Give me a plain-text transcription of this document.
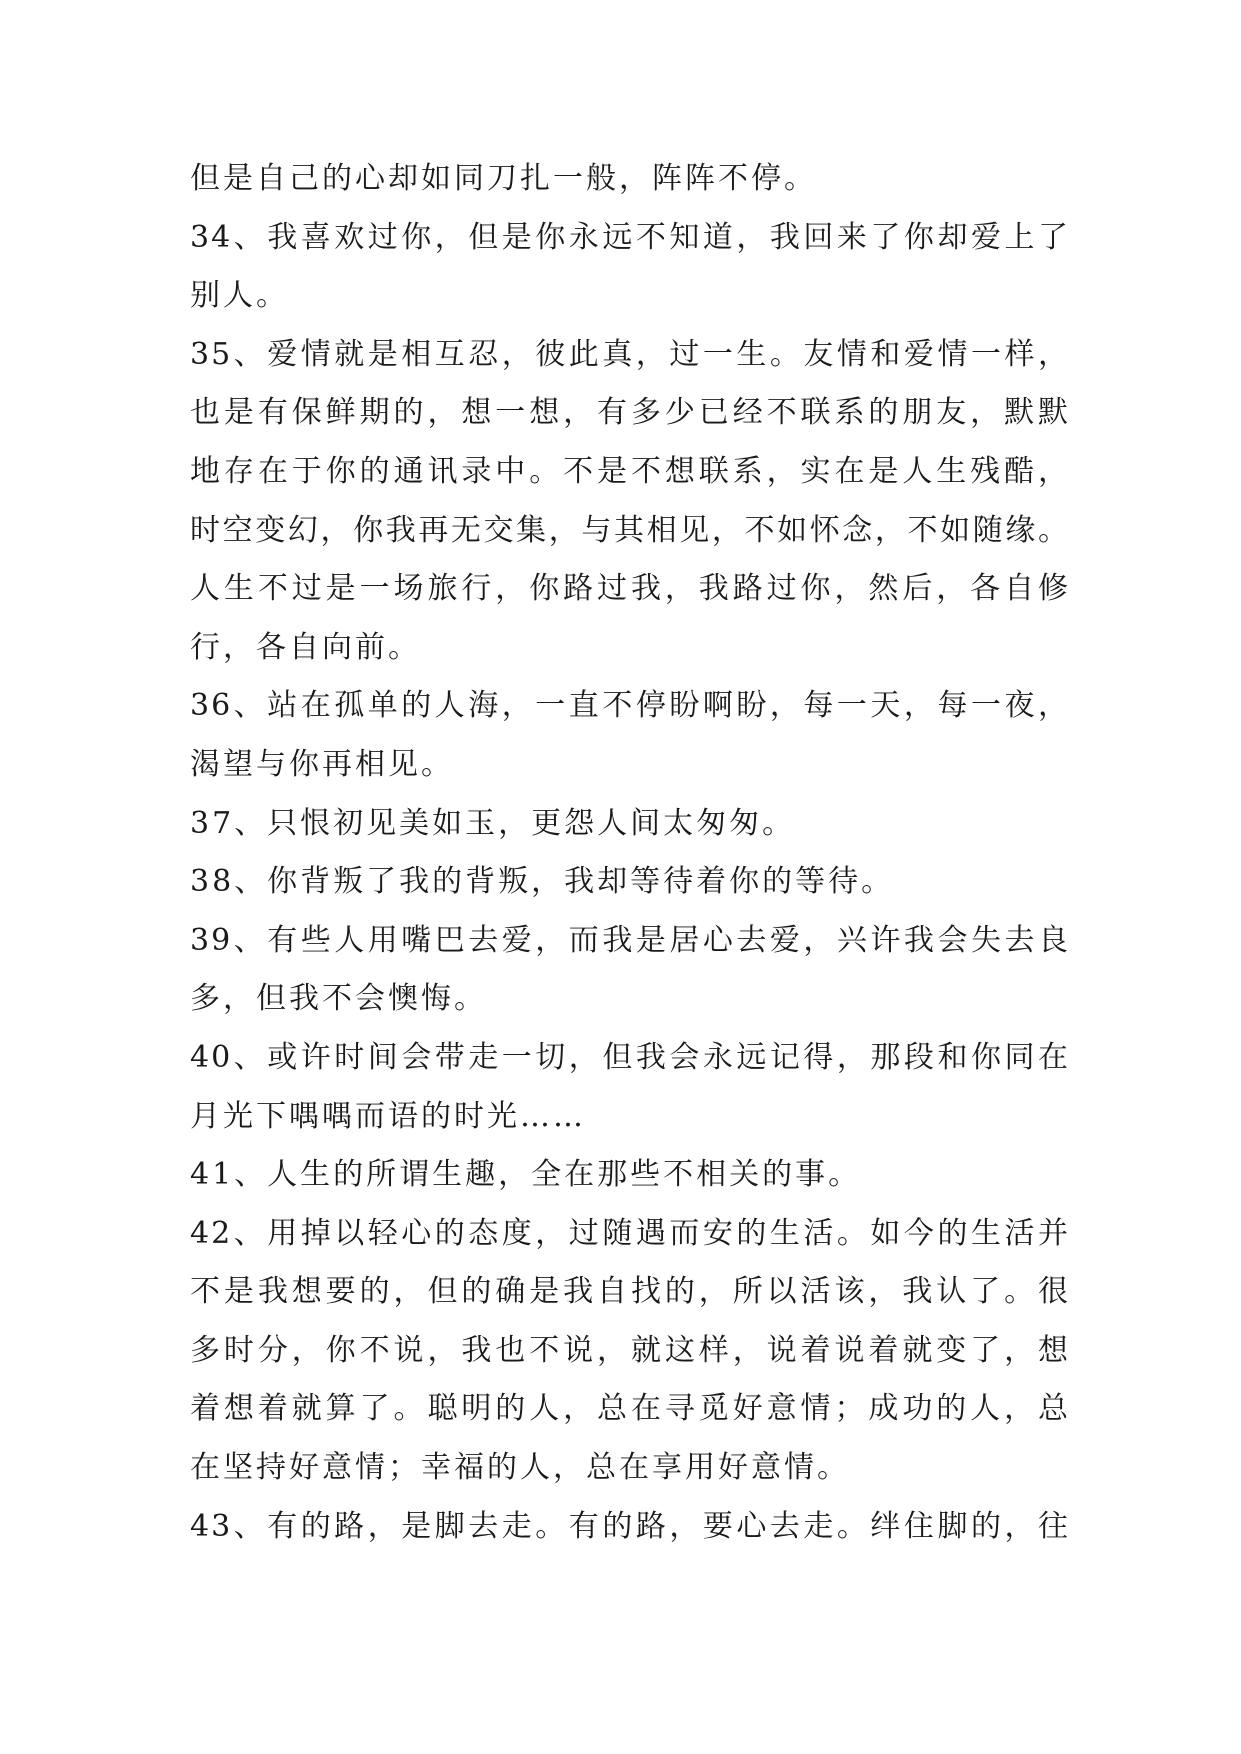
但是自己的心却如同刀扎一般，阵阵不停。
34、我喜欢过你，但是你永远不知道，我回来了你却爱上了
别人。
35、爱情就是相互忍，彼此真，过一生。友情和爱情一样，
也是有保鲜期的，想一想，有多少已经不联系的朋友，默默
地存在于你的通讯录中。不是不想联系，实在是人生残酷，
时空变幻，你我再无交集，与其相见，不如怀念，不如随缘。
人生不过是一场旅行，你路过我，我路过你，然后，各自修
行，各自向前。
36、站在孤单的人海，一直不停盼啊盼，每一天，每一夜，
渴望与你再相见。
37、只恨初见美如玉，更怨人间太匆匆。
38、你背叛了我的背叛，我却等待着你的等待。
39、有些人用嘴巴去爱，而我是居心去爱，兴许我会失去良
多，但我不会懊悔。
40、或许时间会带走一切，但我会永远记得，那段和你同在
月光下喁喁而语的时光……
41、人生的所谓生趣，全在那些不相关的事。
42、用掉以轻心的态度，过随遇而安的生活。如今的生活并
不是我想要的，但的确是我自找的，所以活该，我认了。很
多时分，你不说，我也不说，就这样，说着说着就变了，想
着想着就算了。聪明的人，总在寻觅好意情；成功的人，总
在坚持好意情；幸福的人，总在享用好意情。
43、有的路，是脚去走。有的路，要心去走。绊住脚的，往
